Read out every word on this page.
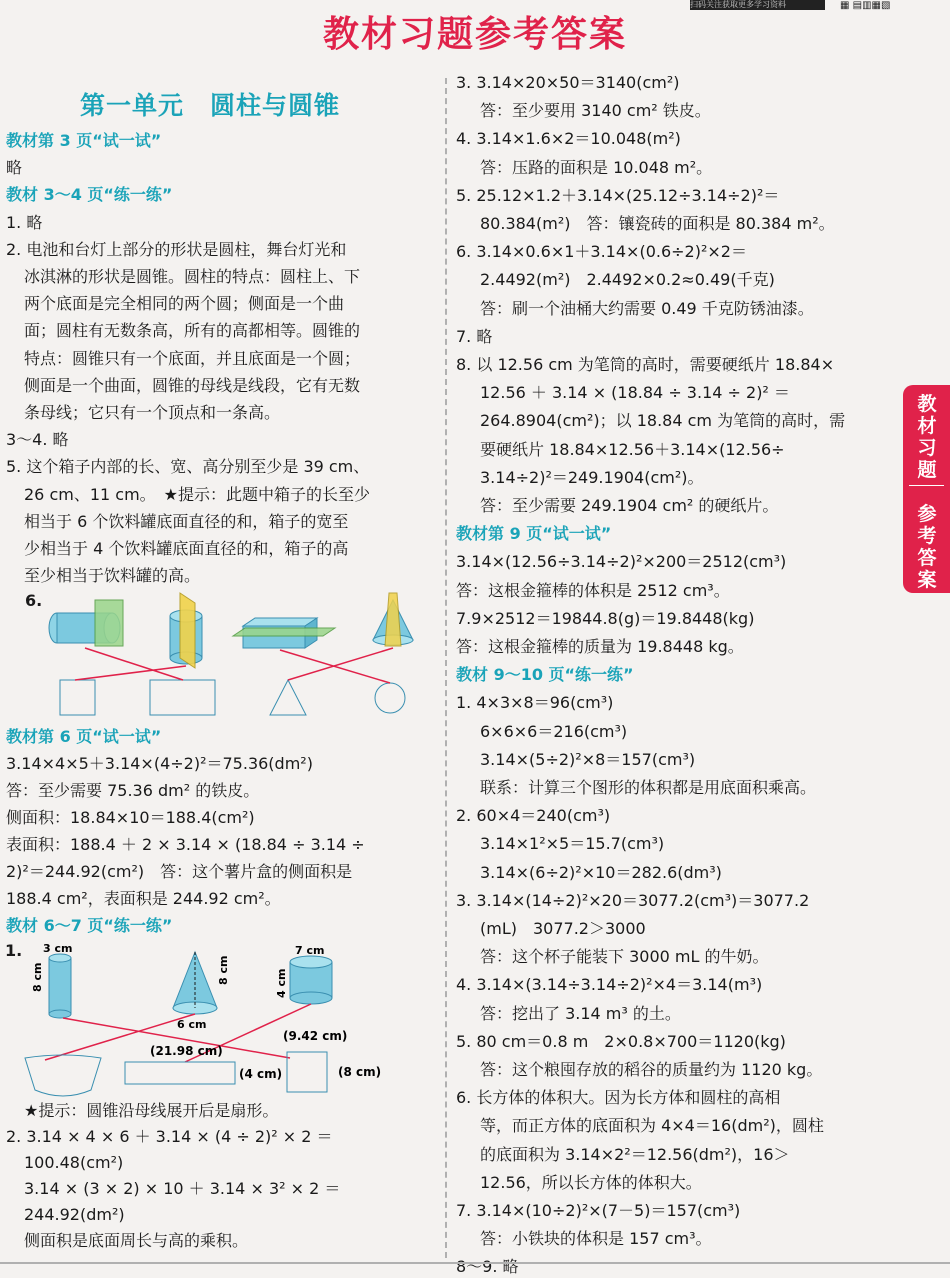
扫码关注获取更多学习资料	▦ ▤▥▦▧
教材习题参考答案
第一单元　圆柱与圆锥
教材第 3 页“试一试”
略
教材 3～4 页“练一练”
1. 略
2. 电池和台灯上部分的形状是圆柱，舞台灯光和
冰淇淋的形状是圆锥。圆柱的特点：圆柱上、下
两个底面是完全相同的两个圆；侧面是一个曲
面；圆柱有无数条高，所有的高都相等。圆锥的
特点：圆锥只有一个底面，并且底面是一个圆；
侧面是一个曲面，圆锥的母线是线段，它有无数
条母线；它只有一个顶点和一条高。
3～4. 略
5. 这个箱子内部的长、宽、高分别至少是 39 cm、
26 cm、11 cm。　★提示：此题中箱子的长至少
相当于 6 个饮料罐底面直径的和，箱子的宽至
少相当于 4 个饮料罐底面直径的和，箱子的高
至少相当于饮料罐的高。
教材第 6 页“试一试”
3.14×4×5＋3.14×(4÷2)²＝75.36(dm²)
答：至少需要 75.36 dm² 的铁皮。
侧面积：18.84×10＝188.4(cm²)
表面积：188.4 ＋ 2 × 3.14 × (18.84 ÷ 3.14 ÷
2)²＝244.92(cm²)　答：这个薯片盒的侧面积是
188.4 cm²，表面积是 244.92 cm²。
教材 6～7 页“练一练”
★提示：圆锥沿母线展开后是扇形。
2. 3.14 × 4 × 6 ＋ 3.14 × (4 ÷ 2)² × 2 ＝
100.48(cm²)
3.14 × (3 × 2) × 10 ＋ 3.14 × 3² × 2 ＝
244.92(dm²)
侧面积是底面周长与高的乘积。
3. 3.14×20×50＝3140(cm²)
答：至少要用 3140 cm² 铁皮。
4. 3.14×1.6×2＝10.048(m²)
答：压路的面积是 10.048 m²。
5. 25.12×1.2＋3.14×(25.12÷3.14÷2)²＝
80.384(m²)　答：镶瓷砖的面积是 80.384 m²。
6. 3.14×0.6×1＋3.14×(0.6÷2)²×2＝
2.4492(m²)　2.4492×0.2≈0.49(千克)
答：刷一个油桶大约需要 0.49 千克防锈油漆。
7. 略
8. 以 12.56 cm 为笔筒的高时，需要硬纸片 18.84×
12.56 ＋ 3.14 × (18.84 ÷ 3.14 ÷ 2)² ＝
264.8904(cm²)；以 18.84 cm 为笔筒的高时，需
要硬纸片 18.84×12.56＋3.14×(12.56÷
3.14÷2)²＝249.1904(cm²)。
答：至少需要 249.1904 cm² 的硬纸片。
教材第 9 页“试一试”
3.14×(12.56÷3.14÷2)²×200＝2512(cm³)
答：这根金箍棒的体积是 2512 cm³。
7.9×2512＝19844.8(g)＝19.8448(kg)
答：这根金箍棒的质量为 19.8448 kg。
教材 9～10 页“练一练”
1. 4×3×8＝96(cm³)
6×6×6＝216(cm³)
3.14×(5÷2)²×8＝157(cm³)
联系：计算三个图形的体积都是用底面积乘高。
2. 60×4＝240(cm³)
3.14×1²×5＝15.7(cm³)
3.14×(6÷2)²×10＝282.6(dm³)
3. 3.14×(14÷2)²×20＝3077.2(cm³)＝3077.2
(mL)　3077.2＞3000
答：这个杯子能装下 3000 mL 的牛奶。
4. 3.14×(3.14÷3.14÷2)²×4＝3.14(m³)
答：挖出了 3.14 m³ 的土。
5. 80 cm＝0.8 m　2×0.8×700＝1120(kg)
答：这个粮囤存放的稻谷的质量约为 1120 kg。
6. 长方体的体积大。因为长方体和圆柱的高相
等，而正方体的底面积为 4×4＝16(dm²)，圆柱
的底面积为 3.14×2²＝12.56(dm²)，16＞
12.56，所以长方体的体积大。
7. 3.14×(10÷2)²×(7－5)＝157(cm³)
答：小铁块的体积是 157 cm³。
8～9. 略
6.
1. 3 cm
8 cm
6 cm
8 cm
7 cm
4 cm
(21.98 cm)
(9.42 cm)
(4 cm)	(8 cm)
教
材
习
题
参
考
答
案
